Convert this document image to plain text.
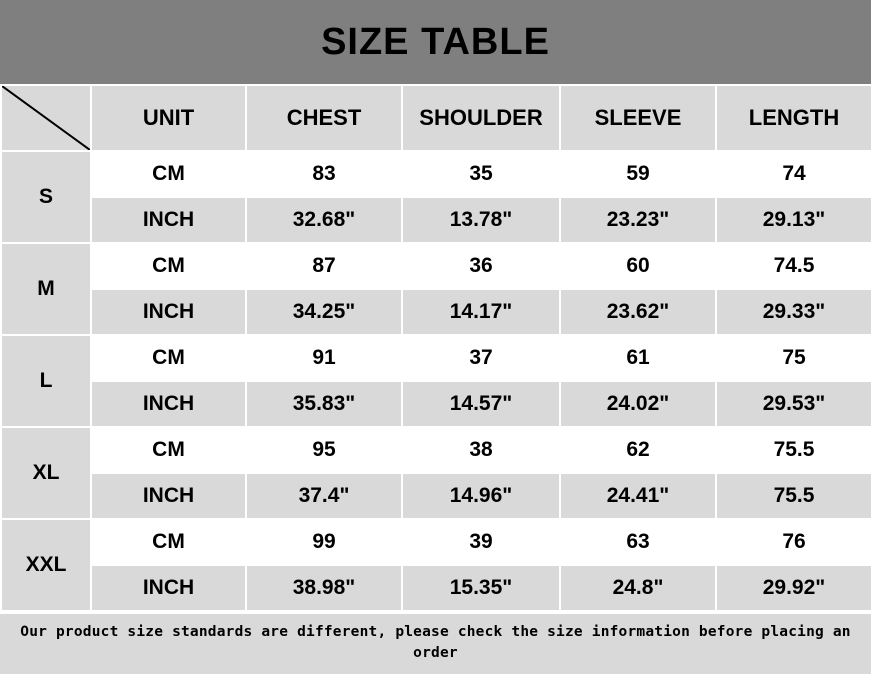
SIZE TABLE
	UNIT	CHEST	SHOULDER	SLEEVE	LENGTH
S	CM	83	35	59	74
	INCH	32.68"	13.78"	23.23"	29.13"
M	CM	87	36	60	74.5
	INCH	34.25"	14.17"	23.62"	29.33"
L	CM	91	37	61	75
	INCH	35.83"	14.57"	24.02"	29.53"
XL	CM	95	38	62	75.5
	INCH	37.4"	14.96"	24.41"	75.5
XXL	CM	99	39	63	76
	INCH	38.98"	15.35"	24.8"	29.92"
Our product size standards are different, please check the size information before placing an order
